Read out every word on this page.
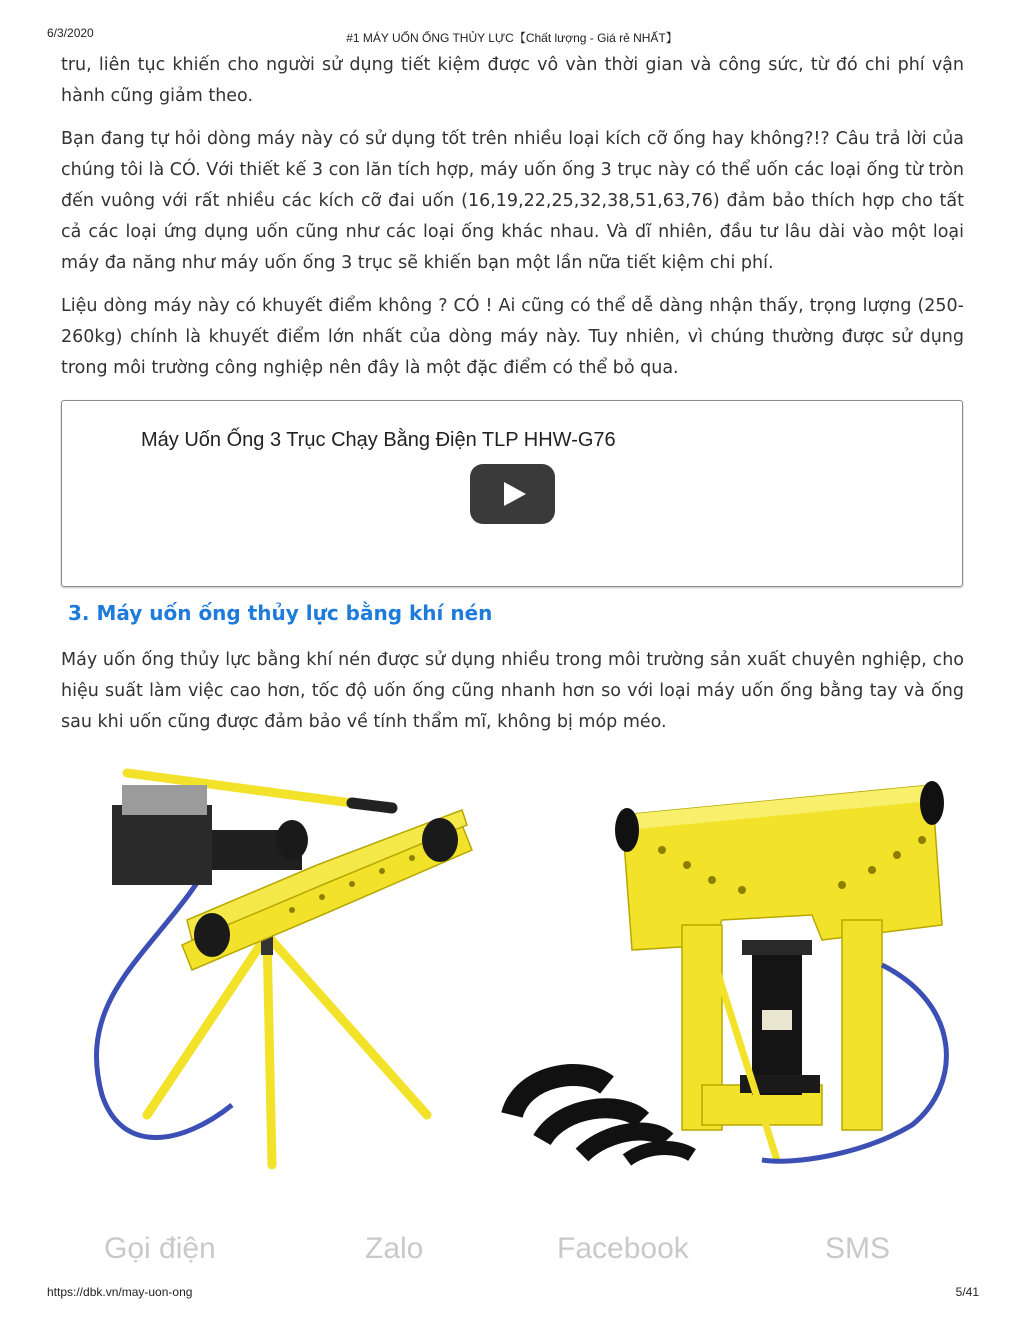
6/3/2020	#1 MÁY UỐN ỐNG THỦY LỰC【Chất lượng - Giá rẻ NHẤT】

tru, liên tục khiến cho người sử dụng tiết kiệm được vô vàn thời gian và công sức, từ đó chi phí vận hành cũng giảm theo.

Bạn đang tự hỏi dòng máy này có sử dụng tốt trên nhiều loại kích cỡ ống hay không?!? Câu trả lời của chúng tôi là CÓ. Với thiết kế 3 con lăn tích hợp, máy uốn ống 3 trục này có thể uốn các loại ống từ tròn đến vuông với rất nhiều các kích cỡ đai uốn (16,19,22,25,32,38,51,63,76) đảm bảo thích hợp cho tất cả các loại ứng dụng uốn cũng như các loại ống khác nhau. Và dĩ nhiên, đầu tư lâu dài vào một loại máy đa năng như máy uốn ống 3 trục sẽ khiến bạn một lần nữa tiết kiệm chi phí.

Liệu dòng máy này có khuyết điểm không ? CÓ ! Ai cũng có thể dễ dàng nhận thấy, trọng lượng (250-260kg) chính là khuyết điểm lớn nhất của dòng máy này. Tuy nhiên, vì chúng thường được sử dụng trong môi trường công nghiệp nên đây là một đặc điểm có thể bỏ qua.

Máy Uốn Ống 3 Trục Chạy Bằng Điện TLP HHW-G76
3. Máy uốn ống thủy lực bằng khí nén

Máy uốn ống thủy lực bằng khí nén được sử dụng nhiều trong môi trường sản xuất chuyên nghiệp, cho hiệu suất làm việc cao hơn, tốc độ uốn ống cũng nhanh hơn so với loại máy uốn ống bằng tay và ống sau khi uốn cũng được đảm bảo về tính thẩm mĩ, không bị móp méo.

Gọi điện	Zalo	Facebook	SMS
https://dbk.vn/may-uon-ong	5/41
